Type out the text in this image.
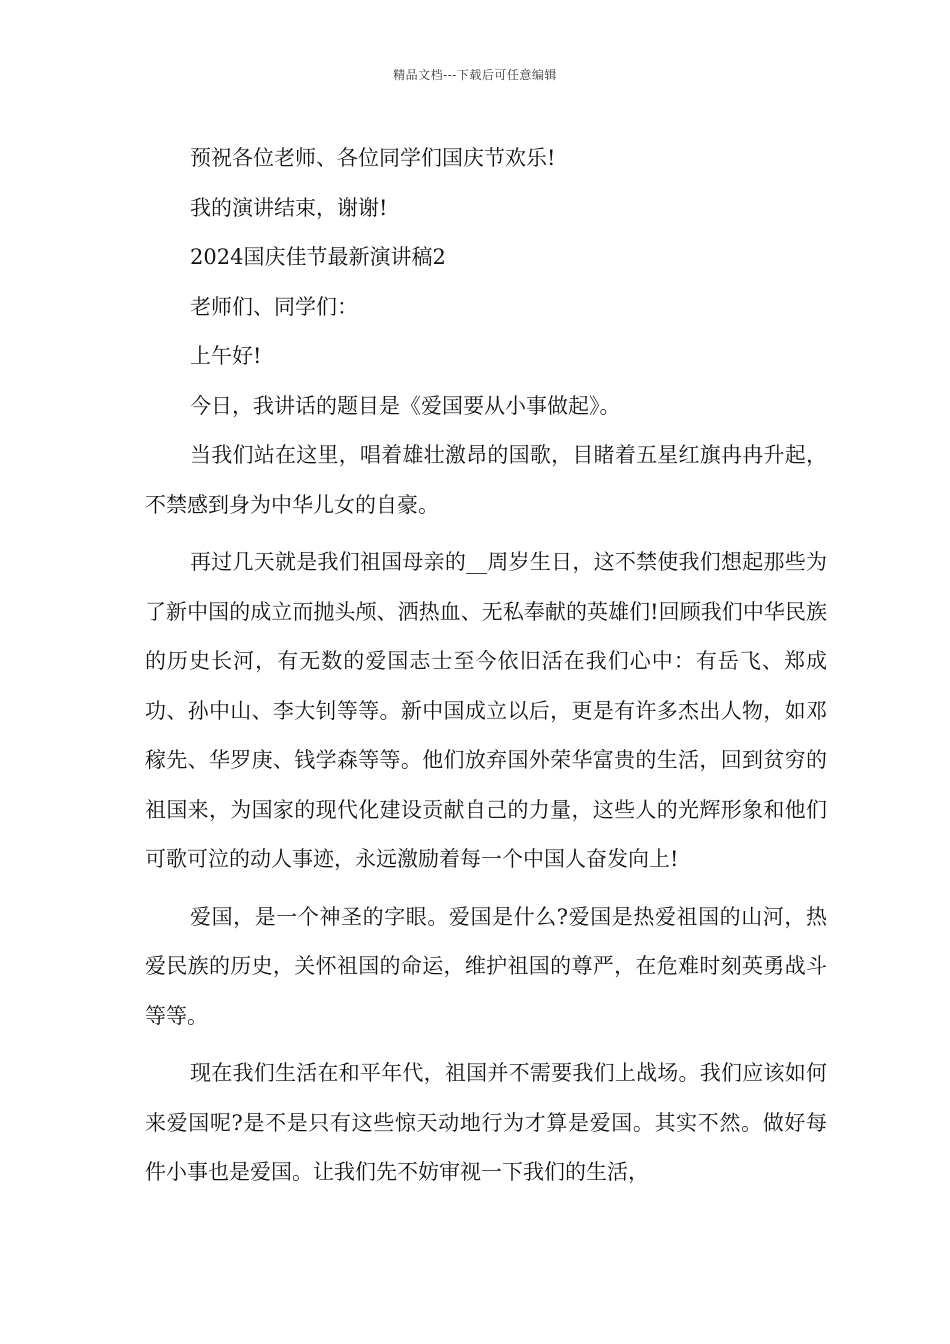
精品文档---下载后可任意编辑

预祝各位老师、各位同学们国庆节欢乐!

我的演讲结束，谢谢!

2024国庆佳节最新演讲稿2

老师们、同学们：

上午好!

今日，我讲话的题目是《爱国要从小事做起》。

当我们站在这里，唱着雄壮激昂的国歌，目睹着五星红旗冉冉升起，不禁感到身为中华儿女的自豪。

再过几天就是我们祖国母亲的__周岁生日，这不禁使我们想起那些为了新中国的成立而抛头颅、洒热血、无私奉献的英雄们!回顾我们中华民族的历史长河，有无数的爱国志士至今依旧活在我们心中：有岳飞、郑成功、孙中山、李大钊等等。新中国成立以后，更是有许多杰出人物，如邓稼先、华罗庚、钱学森等等。他们放弃国外荣华富贵的生活，回到贫穷的祖国来，为国家的现代化建设贡献自己的力量，这些人的光辉形象和他们可歌可泣的动人事迹，永远激励着每一个中国人奋发向上!

爱国，是一个神圣的字眼。爱国是什么?爱国是热爱祖国的山河，热爱民族的历史，关怀祖国的命运，维护祖国的尊严，在危难时刻英勇战斗等等。

现在我们生活在和平年代，祖国并不需要我们上战场。我们应该如何来爱国呢?是不是只有这些惊天动地行为才算是爱国。其实不然。做好每件小事也是爱国。让我们先不妨审视一下我们的生活，
